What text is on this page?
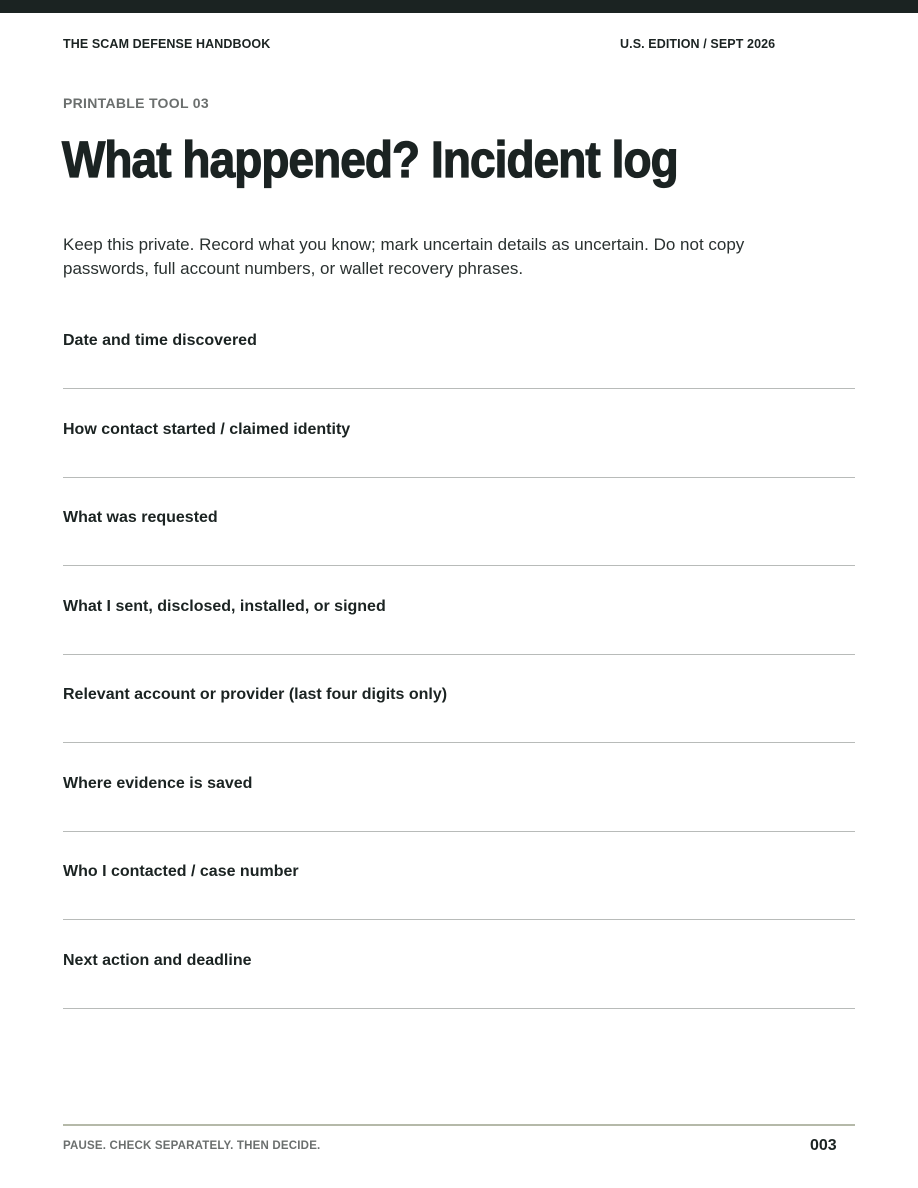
THE SCAM DEFENSE HANDBOOK	U.S. EDITION / SEPT 2026
PRINTABLE TOOL 03
What happened? Incident log

Keep this private. Record what you know; mark uncertain details as uncertain. Do not copy passwords, full account numbers, or wallet recovery phrases.

Date and time discovered
How contact started / claimed identity
What was requested
What I sent, disclosed, installed, or signed
Relevant account or provider (last four digits only)
Where evidence is saved
Who I contacted / case number
Next action and deadline
PAUSE. CHECK SEPARATELY. THEN DECIDE.	003
